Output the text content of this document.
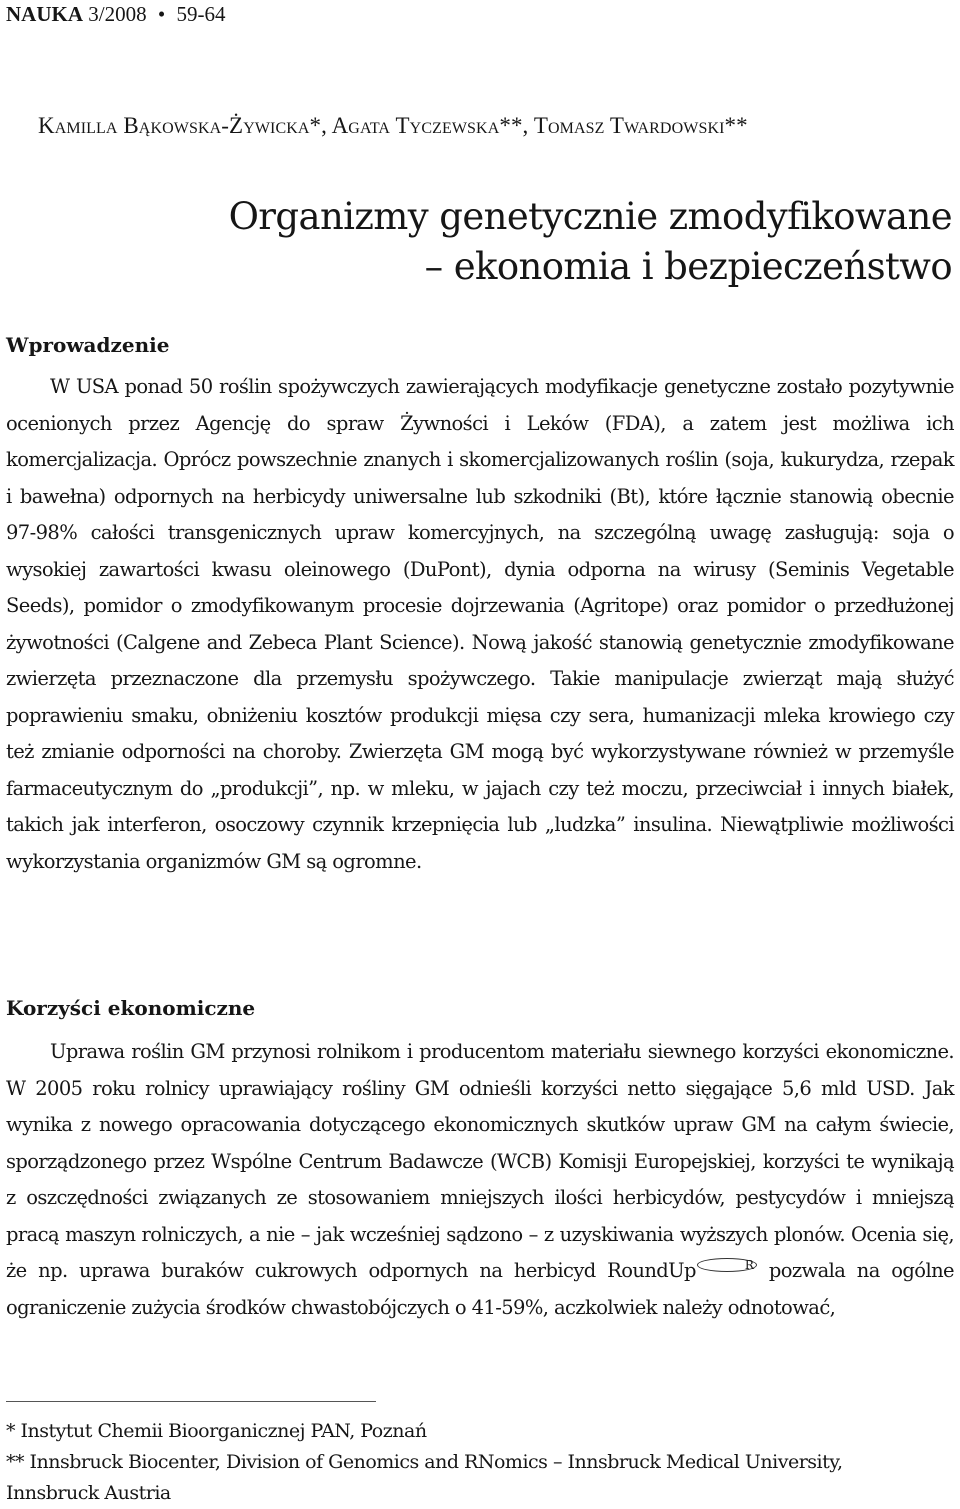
NAUKA 3/2008 • 59-64
Kamilla Bąkowska-Żywicka*, Agata Tyczewska**, Tomasz Twardowski**
Organizmy genetycznie zmodyfikowane
– ekonomia i bezpieczeństwo
Wprowadzenie
W USA ponad 50 roślin spożywczych zawierających modyfikacje genetyczne zostało pozytywnie ocenionych przez Agencję do spraw Żywności i Leków (FDA), a zatem jest możliwa ich komercjalizacja. Oprócz powszechnie znanych i skomercjalizowanych roślin (soja, kukurydza, rzepak i bawełna) odpornych na herbicydy uniwersalne lub szkodniki (Bt), które łącznie stanowią obecnie 97-98% całości transgenicznych upraw komercyjnych, na szczególną uwagę zasługują: soja o wysokiej zawartości kwasu oleinowego (DuPont), dynia odporna na wirusy (Seminis Vegetable Seeds), pomidor o zmodyfikowanym procesie dojrzewania (Agritope) oraz pomidor o przedłużonej żywotności (Calgene and Zebeca Plant Science). Nową jakość stanowią genetycznie zmodyfikowane zwierzęta przeznaczone dla przemysłu spożywczego. Takie manipulacje zwierząt mają służyć poprawieniu smaku, obniżeniu kosztów produkcji mięsa czy sera, humanizacji mleka krowiego czy też zmianie odporności na choroby. Zwierzęta GM mogą być wykorzystywane również w przemyśle farmaceutycznym do „produkcji”, np. w mleku, w jajach czy też moczu, przeciwciał i innych białek, takich jak interferon, osoczowy czynnik krzepnięcia lub „ludzka” insulina. Niewątpliwie możliwości wykorzystania organizmów GM są ogromne.
Korzyści ekonomiczne
Uprawa roślin GM przynosi rolnikom i producentom materiału siewnego korzyści ekonomiczne. W 2005 roku rolnicy uprawiający rośliny GM odnieśli korzyści netto sięgające 5,6 mld USD. Jak wynika z nowego opracowania dotyczącego ekonomicznych skutków upraw GM na całym świecie, sporządzonego przez Wspólne Centrum Badawcze (WCB) Komisji Europejskiej, korzyści te wynikają z oszczędności związanych ze stosowaniem mniejszych ilości herbicydów, pestycydów i mniejszą pracą maszyn rolniczych, a nie – jak wcześniej sądzono – z uzyskiwania wyższych plonów. Ocenia się, że np. uprawa buraków cukrowych odpornych na herbicyd RoundUp	R pozwala na ogólne ograniczenie zużycia środków chwastobójczych o 41-59%, aczkolwiek należy odnotować,
* Instytut Chemii Bioorganicznej PAN, Poznań
** Innsbruck Biocenter, Division of Genomics and RNomics – Innsbruck Medical University,
Innsbruck Austria
